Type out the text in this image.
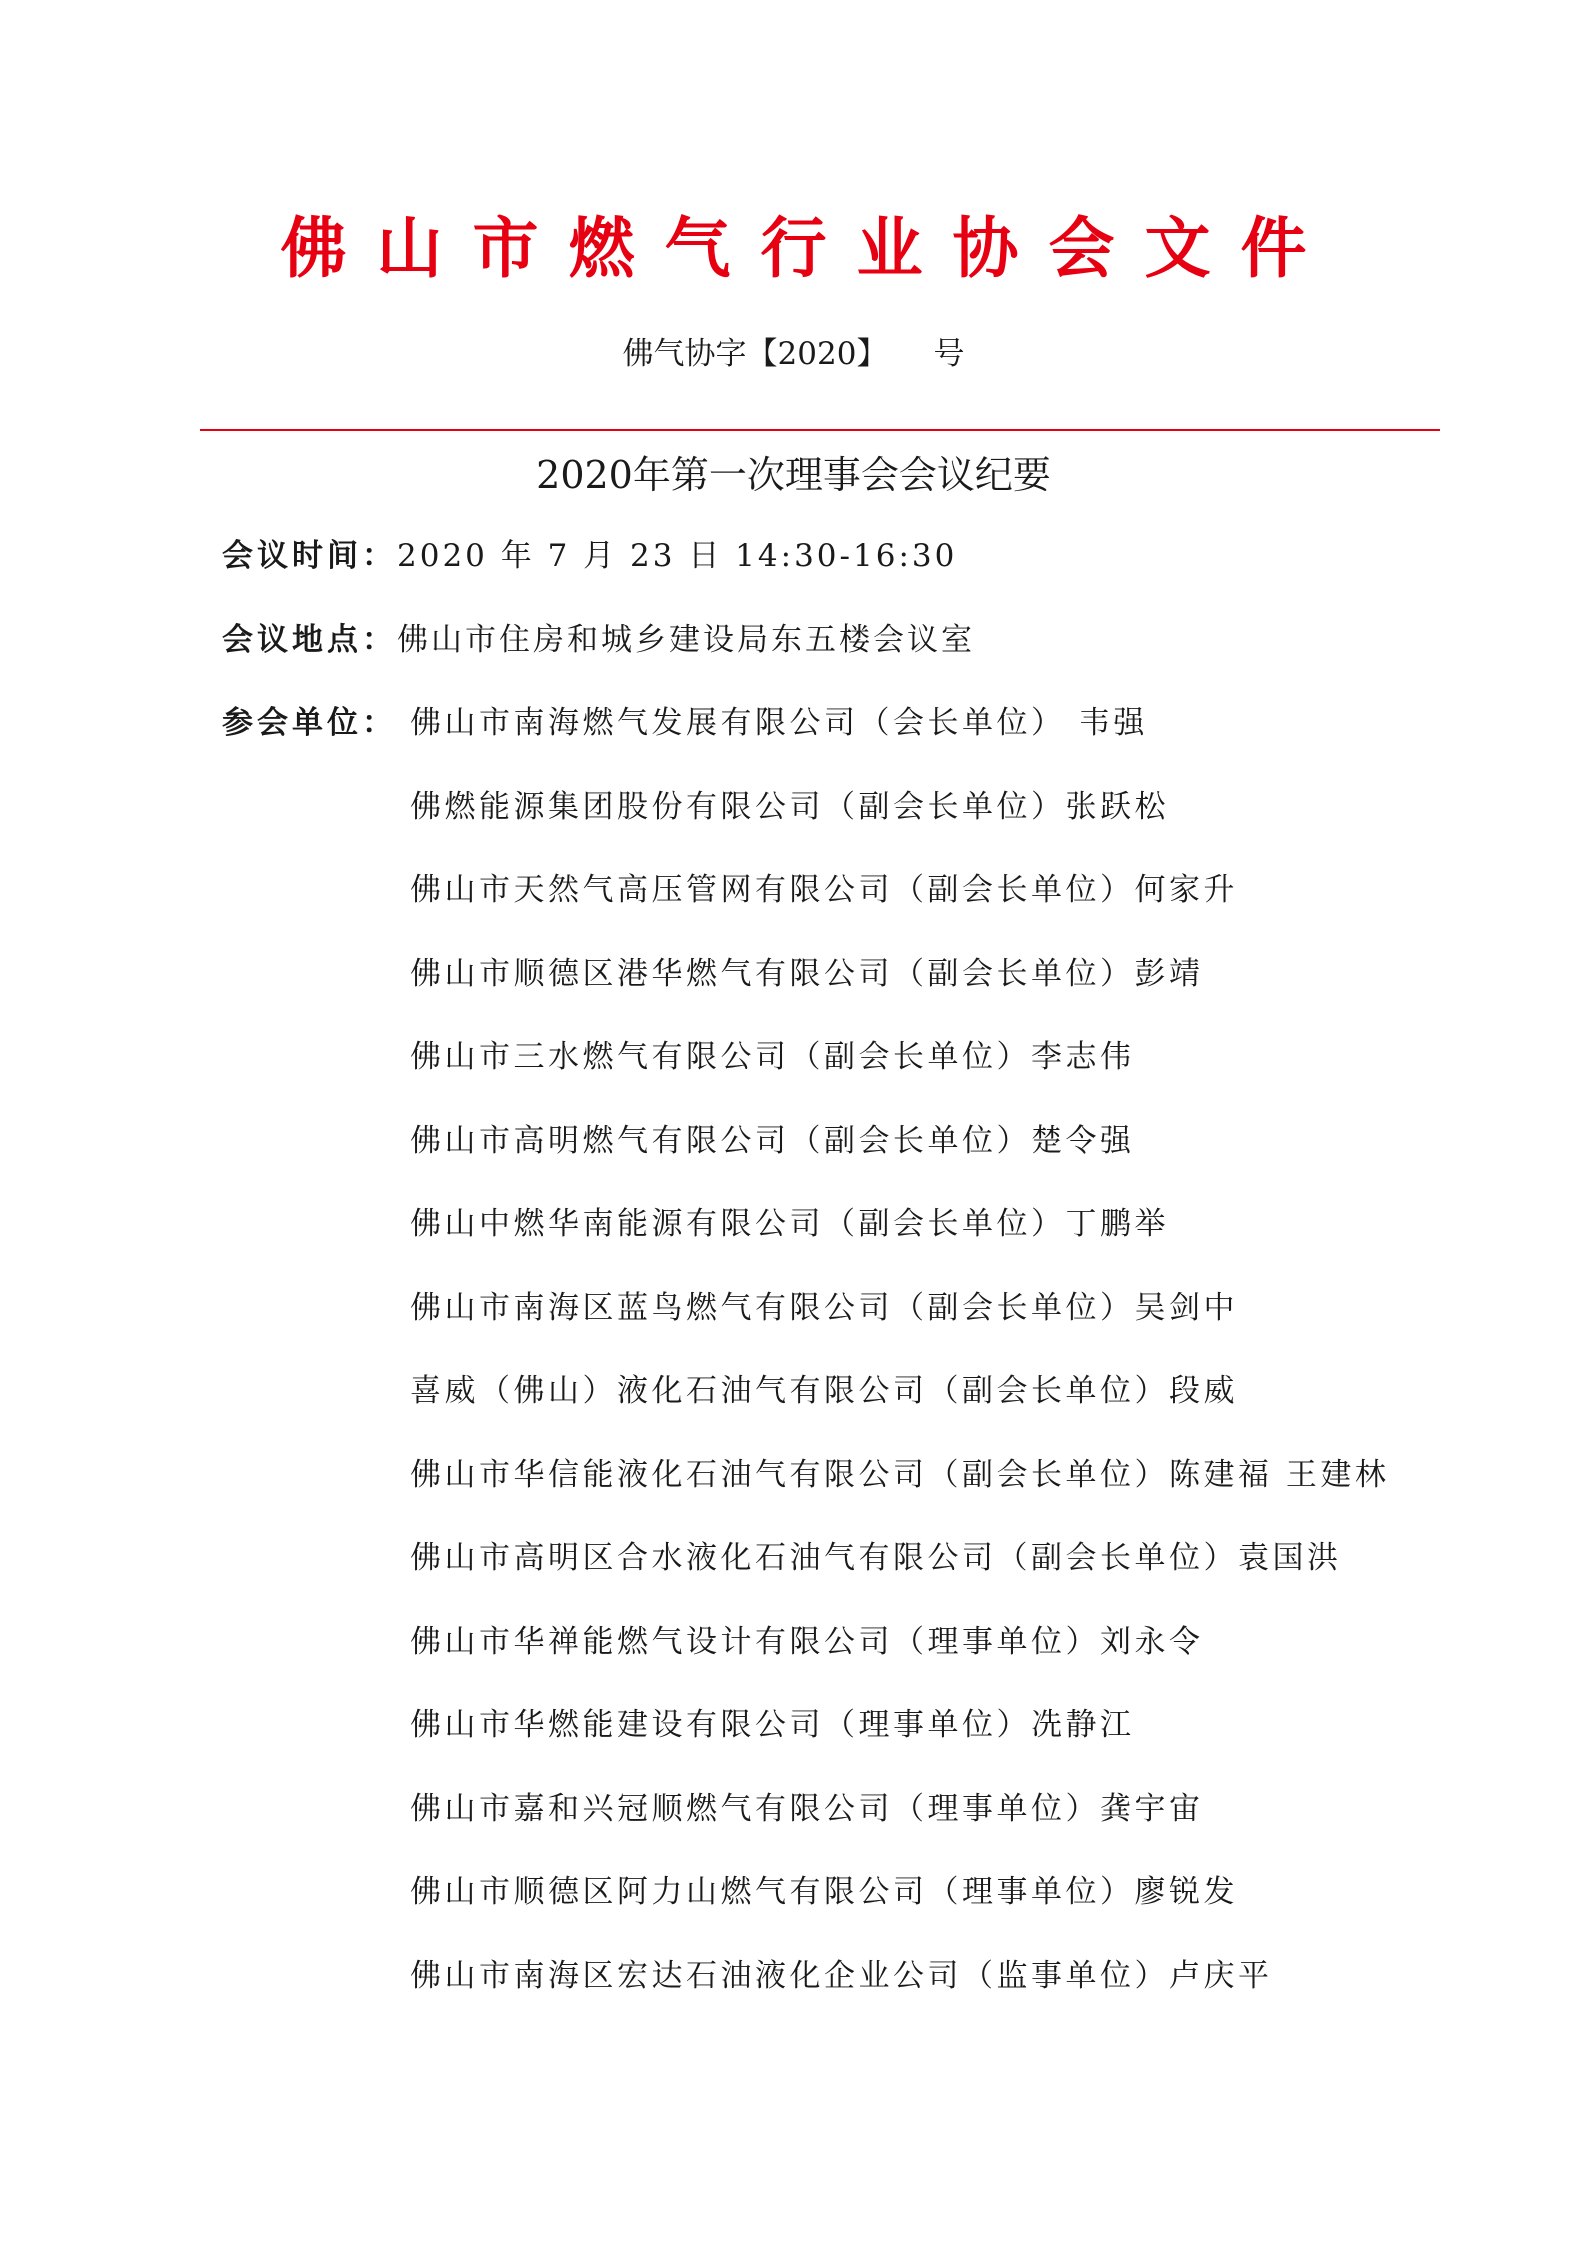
佛山市燃气行业协会文件
佛气协字【2020】 号
2020年第一次理事会会议纪要
会议时间：2020 年 7 月 23 日 14:30-16:30
会议地点：佛山市住房和城乡建设局东五楼会议室
参会单位： 佛山市南海燃气发展有限公司（会长单位） 韦强
佛燃能源集团股份有限公司（副会长单位）张跃松
佛山市天然气高压管网有限公司（副会长单位）何家升
佛山市顺德区港华燃气有限公司（副会长单位）彭靖
佛山市三水燃气有限公司（副会长单位）李志伟
佛山市高明燃气有限公司（副会长单位）楚令强
佛山中燃华南能源有限公司（副会长单位）丁鹏举
佛山市南海区蓝鸟燃气有限公司（副会长单位）吴剑中
喜威（佛山）液化石油气有限公司（副会长单位）段威
佛山市华信能液化石油气有限公司（副会长单位）陈建福 王建林
佛山市高明区合水液化石油气有限公司（副会长单位）袁国洪
佛山市华禅能燃气设计有限公司（理事单位）刘永令
佛山市华燃能建设有限公司（理事单位）冼静江
佛山市嘉和兴冠顺燃气有限公司（理事单位）龚宇宙
佛山市顺德区阿力山燃气有限公司（理事单位）廖锐发
佛山市南海区宏达石油液化企业公司（监事单位）卢庆平
